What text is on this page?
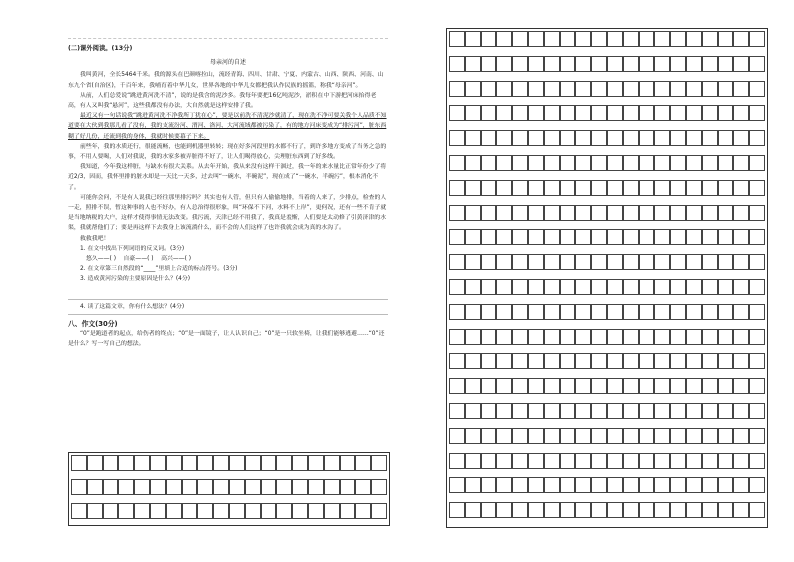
(二)课外阅读。(13分)
母亲河的自述

我叫黄河，全长5464千米。我的源头在巴颜喀拉山，流经青海、四川、甘肃、宁夏、内蒙古、山西、陕西、河南、山东九个省(自治区)，千百年来，我哺育着中华儿女，世界各地的中华儿女都把我认作民族的摇篮，称我“母亲河”。

从前，人们总爱说“跳进黄河洗不清”，说的是我含的泥沙多。我每年要把16亿吨泥沙，淤积在中下游把河床抬得老高，有人又叫我“悬河”，这些我都没有办法，大自然就是这样安排了我。

最近又有一句话说我“跳进黄河洗不净我所丁犹在心”，要是以前洗不清泥沙就清了，现在洗不净可要关我个人品质不知道要在大伙到我那儿看了没有，我的支流汾河、渭河、洛河、大河流域都被污染了，有的地方河床变成为“排污河”，脏东西糊了好几份，还流到我的身体，我就时候要幕子下来。

前些年，我的水质还行，很能流畅，也能到机器里转转；现在好多河段里的水都不行了，到许多地方变成了当务之急的事，不用人要喝，人们对我说，我的水家多被弄脏得不好了，让人们喝得放心，尖理脏东西到了好多线。

我知道，今年我这样脏，与缺水有很大关系。从去年开始，我从来没有这样干涸过，我一年的来水量比正常年份少了将近2/3，因而，我怀里排的脏水却是一天比一天多，过去叫“一碗水，半碗泥”，现在成了“一碗水，半碗污”，根本消化不了。

可能你会问，不是有人说我已经往那里排污吗？其实也有人管，但只有人偷偷地排，当着的人来了，少排点，检查的人一走，照排不误，暂这种事的人也不好办，有人总治得很形象，叫“环保不下河，水料不上岸”，更何况，还有一些不肯子就是当地纳税的大户，这样才使得事情无法改变。我污流，天津已经不用我了，我真是羞惭，人们要是太动修了引黄济津的水渠，我就帮他们了；要是再这样下去我身上该流淌什么，而不会的人们这样了也许我就会成为真的水沟了。

救救我吧！

1. 在文中找出下列词语的反义词。(3分)

悠久——( ) 自豪——( ) 高兴——( )

2. 在文章第三自然段的“____”里填上合适的标点符号。(3分)

3. 造成黄河污染的主要原因是什么？(4分)

4. 读了这篇文章，你有什么想法？(4分)

八、作文(30分)

“0”是跑道者的起点，给伤者的终点；“0”是一面镜子，让人认识自己；“0”是一只软坐椅，让我们能够逃避……“0”还是什么？写一写自己的想法。
